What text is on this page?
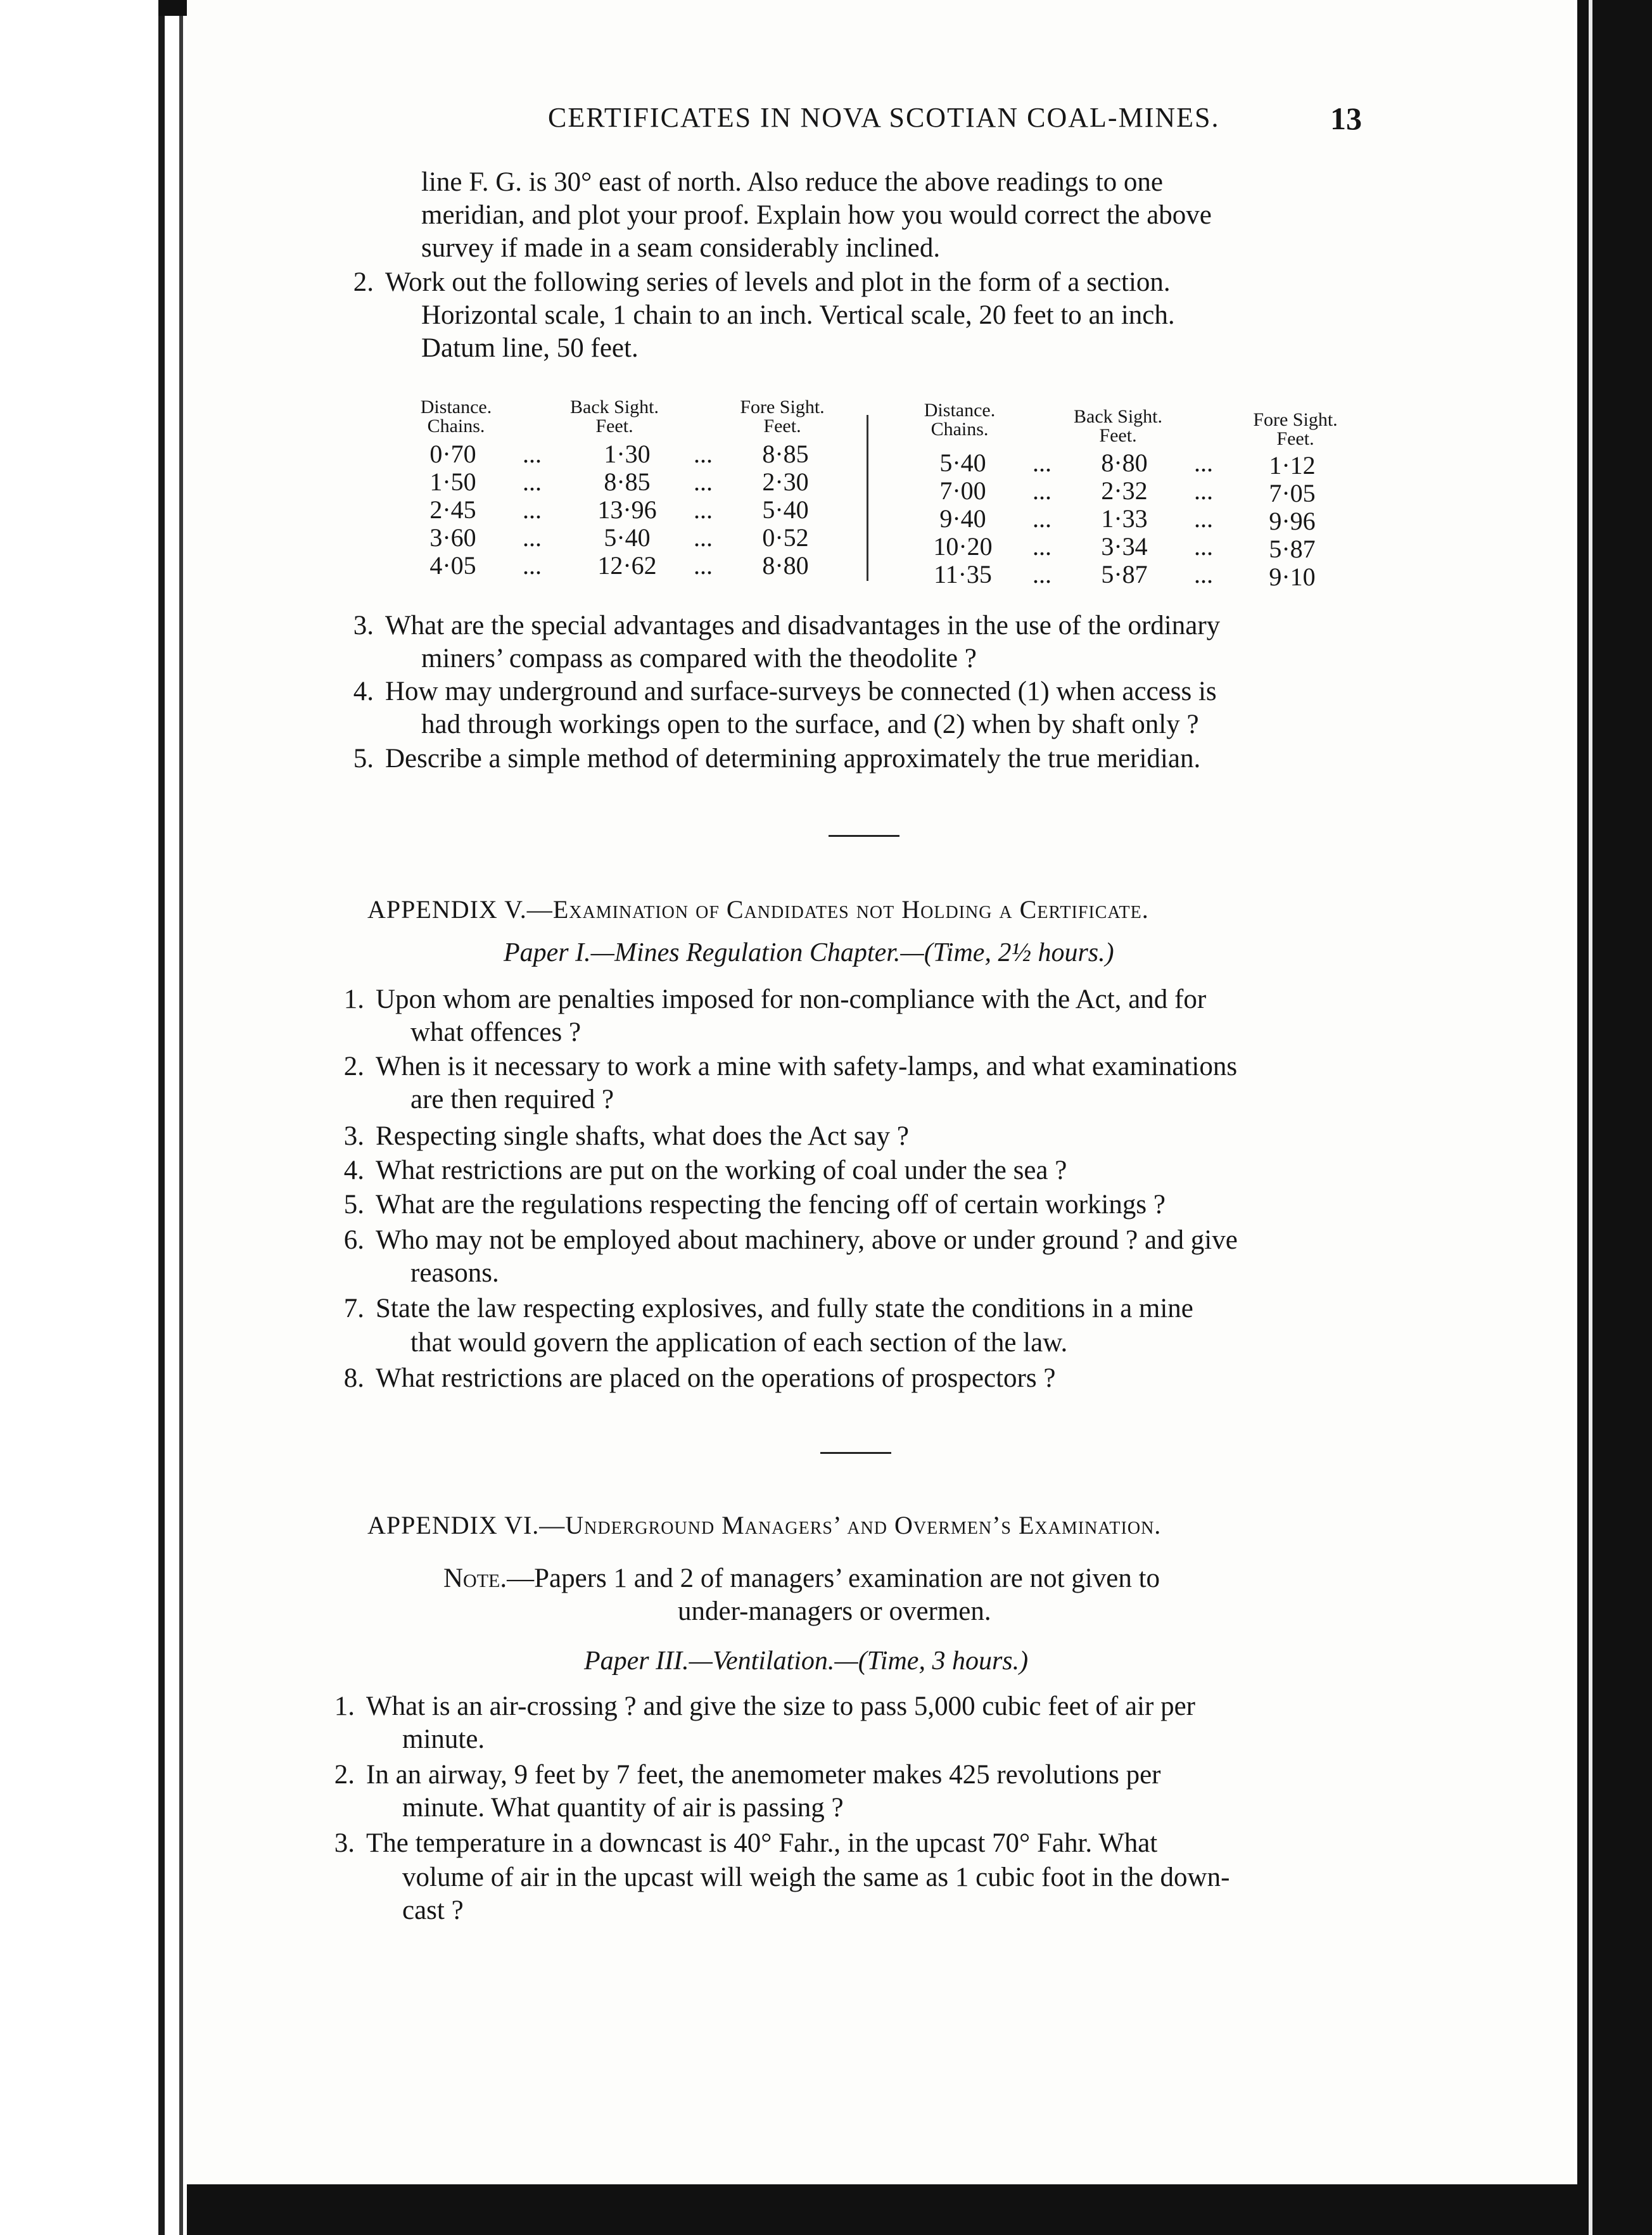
CERTIFICATES IN NOVA SCOTIAN COAL-MINES.	13
line F. G. is 30° east of north. Also reduce the above readings to one
meridian, and plot your proof. Explain how you would correct the above
survey if made in a seam considerably inclined.
2. Work out the following series of levels and plot in the form of a section.
Horizontal scale, 1 chain to an inch. Vertical scale, 20 feet to an inch.
Datum line, 50 feet.
Distance.
Chains.
Back Sight.
Feet.
Fore Sight.
Feet.
Distance.
Chains.
Back Sight.
Feet.
Fore Sight.
Feet.
0·70	...	1·30	...	8·85
1·50	...	8·85	...	2·30
2·45	...	13·96	...	5·40
3·60	...	5·40	...	0·52
4·05	...	12·62	...	8·80
5·40	...	8·80	...	1·12
7·00	...	2·32	...	7·05
9·40	...	1·33	...	9·96
10·20	...	3·34	...	5·87
11·35	...	5·87	...	9·10
3. What are the special advantages and disadvantages in the use of the ordinary
miners’ compass as compared with the theodolite ?
4. How may underground and surface-surveys be connected (1) when access is
had through workings open to the surface, and (2) when by shaft only ?
5. Describe a simple method of determining approximately the true meridian.
APPENDIX V.—Examination of Candidates not Holding a Certificate.
Paper I.—Mines Regulation Chapter.—(Time, 2½ hours.)
1. Upon whom are penalties imposed for non-compliance with the Act, and for
what offences ?
2. When is it necessary to work a mine with safety-lamps, and what examinations
are then required ?
3. Respecting single shafts, what does the Act say ?
4. What restrictions are put on the working of coal under the sea ?
5. What are the regulations respecting the fencing off of certain workings ?
6. Who may not be employed about machinery, above or under ground ? and give
reasons.
7. State the law respecting explosives, and fully state the conditions in a mine
that would govern the application of each section of the law.
8. What restrictions are placed on the operations of prospectors ?
APPENDIX VI.—Underground Managers’ and Overmen’s Examination.
Note.—Papers 1 and 2 of managers’ examination are not given to
under-managers or overmen.
Paper III.—Ventilation.—(Time, 3 hours.)
1. What is an air-crossing ? and give the size to pass 5,000 cubic feet of air per
minute.
2. In an airway, 9 feet by 7 feet, the anemometer makes 425 revolutions per
minute. What quantity of air is passing ?
3. The temperature in a downcast is 40° Fahr., in the upcast 70° Fahr. What
volume of air in the upcast will weigh the same as 1 cubic foot in the down-
cast ?
